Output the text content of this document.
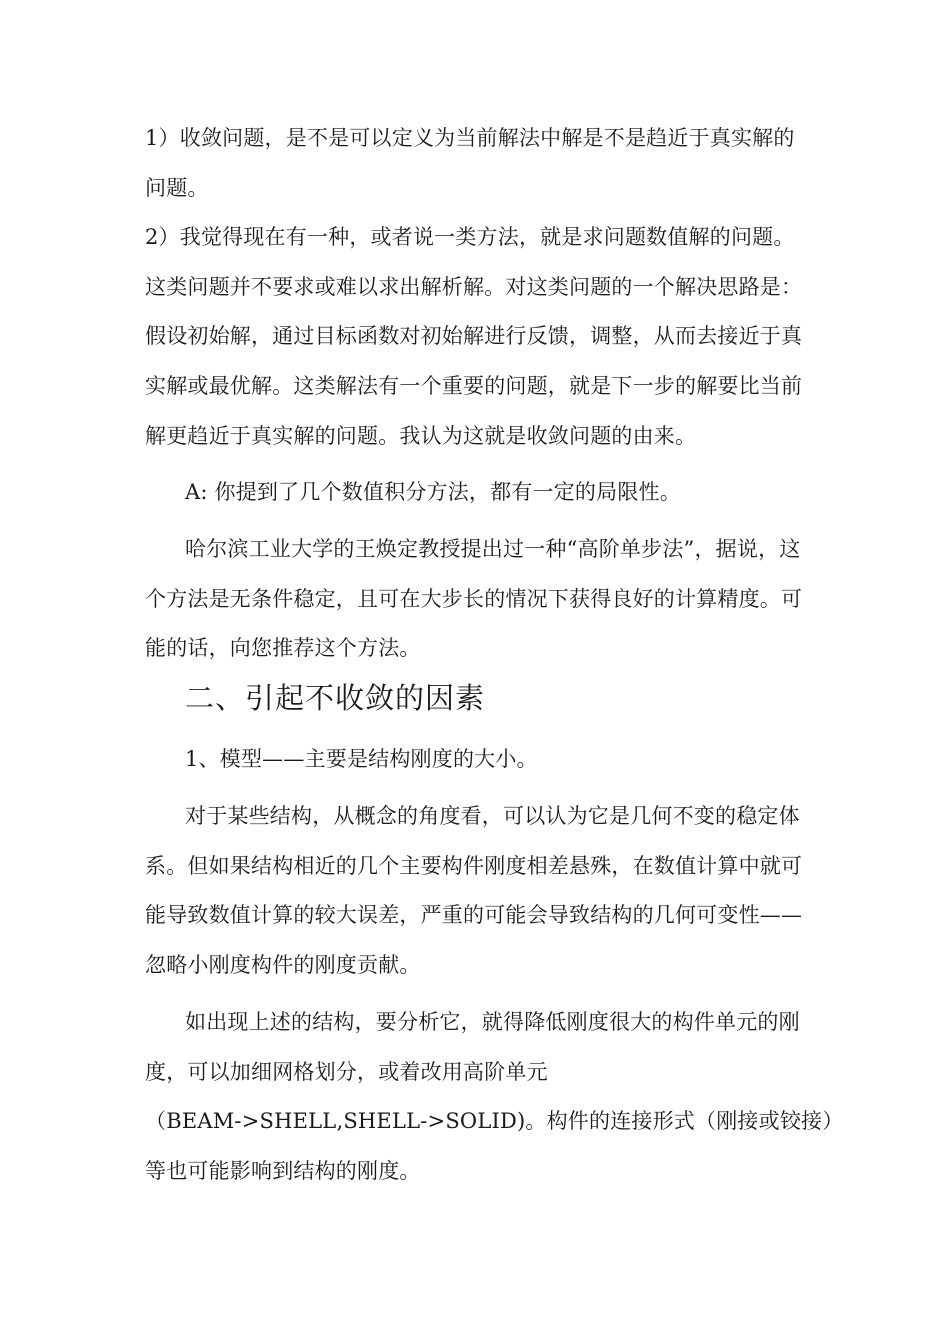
1）收敛问题，是不是可以定义为当前解法中解是不是趋近于真实解的
问题。
2）我觉得现在有一种，或者说一类方法，就是求问题数值解的问题。
这类问题并不要求或难以求出解析解。对这类问题的一个解决思路是：
假设初始解，通过目标函数对初始解进行反馈，调整，从而去接近于真
实解或最优解。这类解法有一个重要的问题，就是下一步的解要比当前
解更趋近于真实解的问题。我认为这就是收敛问题的由来。
A: 你提到了几个数值积分方法，都有一定的局限性。
哈尔滨工业大学的王焕定教授提出过一种“高阶单步法”，据说，这
个方法是无条件稳定，且可在大步长的情况下获得良好的计算精度。可
能的话，向您推荐这个方法。
二、引起不收敛的因素
1、模型——主要是结构刚度的大小。
对于某些结构，从概念的角度看，可以认为它是几何不变的稳定体
系。但如果结构相近的几个主要构件刚度相差悬殊，在数值计算中就可
能导致数值计算的较大误差，严重的可能会导致结构的几何可变性——
忽略小刚度构件的刚度贡献。
如出现上述的结构，要分析它，就得降低刚度很大的构件单元的刚
度，可以加细网格划分，或着改用高阶单元
（BEAM->SHELL,SHELL->SOLID)。构件的连接形式（刚接或铰接）
等也可能影响到结构的刚度。
